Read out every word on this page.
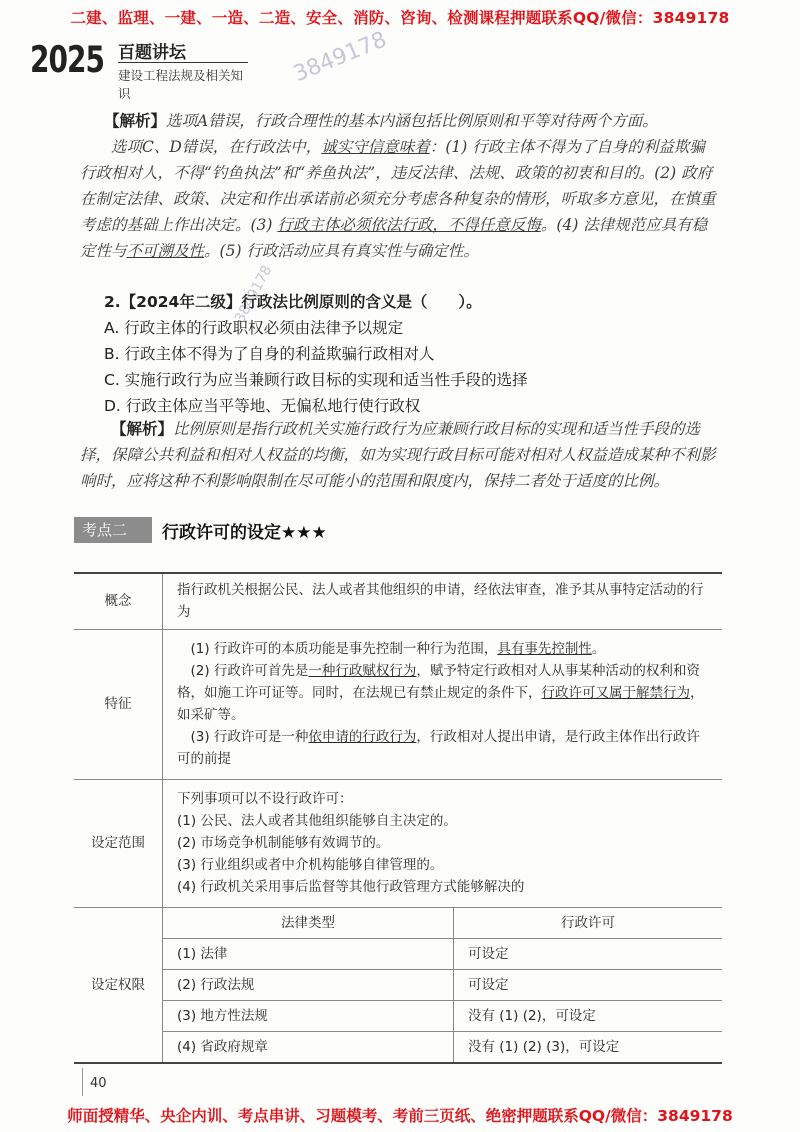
二建、监理、一建、一造、二造、安全、消防、咨询、检测课程押题联系QQ/微信：3849178
2025 百题讲坛
建设工程法规及相关知识
3849178
3849178
【解析】选项A错误，行政合理性的基本内涵包括比例原则和平等对待两个方面。
选项C、D错误，在行政法中，诚实守信意味着：(1) 行政主体不得为了自身的利益欺骗行政相对人，不得“钓鱼执法”和“养鱼执法”，违反法律、法规、政策的初衷和目的。(2) 政府在制定法律、政策、决定和作出承诺前必须充分考虑各种复杂的情形，听取多方意见，在慎重考虑的基础上作出决定。(3) 行政主体必须依法行政，不得任意反悔。(4) 法律规范应具有稳定性与不可溯及性。(5) 行政活动应具有真实性与确定性。
2.【2024年二级】行政法比例原则的含义是（　　）。
A. 行政主体的行政职权必须由法律予以规定
B. 行政主体不得为了自身的利益欺骗行政相对人
C. 实施行政行为应当兼顾行政目标的实现和适当性手段的选择
D. 行政主体应当平等地、无偏私地行使行政权
【解析】比例原则是指行政机关实施行政行为应兼顾行政目标的实现和适当性手段的选择，保障公共利益和相对人权益的均衡，如为实现行政目标可能对相对人权益造成某种不利影响时，应将这种不利影响限制在尽可能小的范围和限度内，保持二者处于适度的比例。
考点二	行政许可的设定★★★
概念	指行政机关根据公民、法人或者其他组织的申请，经依法审查，准予其从事特定活动的行为	
特征	(1) 行政许可的本质功能是事先控制一种行为范围，具有事先控制性。
(2) 行政许可首先是一种行政赋权行为，赋予特定行政相对人从事某种活动的权利和资格，如施工许可证等。同时，在法规已有禁止规定的条件下，行政许可又属于解禁行为，如采矿等。
(3) 行政许可是一种依申请的行政行为，行政相对人提出申请，是行政主体作出行政许可的前提	

设定范围	下列事项可以不设行政许可：
(1) 公民、法人或者其他组织能够自主决定的。
(2) 市场竞争机制能够有效调节的。
(3) 行业组织或者中介机构能够自律管理的。
(4) 行政机关采用事后监督等其他行政管理方式能够解决的	

设定权限	法律类型	行政许可
	(1) 法律	可设定
	(2) 行政法规	可设定
	(3) 地方性法规	没有 (1) (2)，可设定
	(4) 省政府规章	没有 (1) (2) (3)，可设定
40
师面授精华、央企内训、考点串讲、习题模考、考前三页纸、绝密押题联系QQ/微信：3849178
